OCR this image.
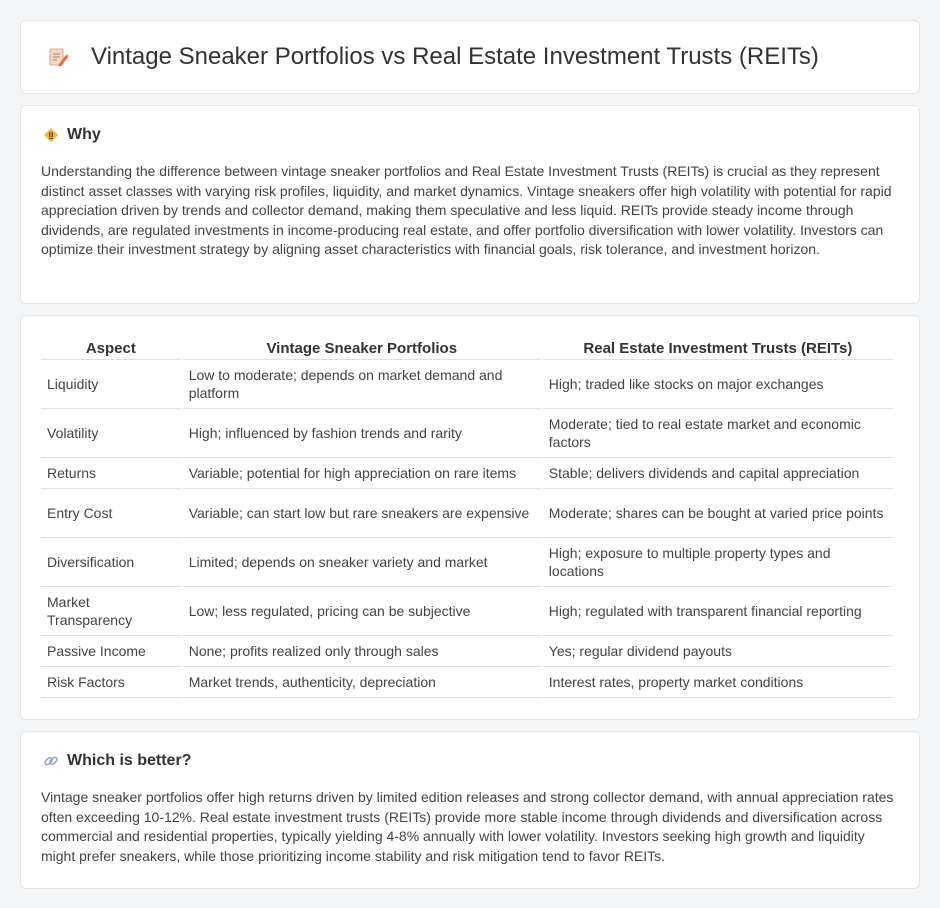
Vintage Sneaker Portfolios vs Real Estate Investment Trusts (REITs)
Why

Understanding the difference between vintage sneaker portfolios and Real Estate Investment Trusts (REITs) is crucial as they represent distinct asset classes with varying risk profiles, liquidity, and market dynamics. Vintage sneakers offer high volatility with potential for rapid appreciation driven by trends and collector demand, making them speculative and less liquid. REITs provide steady income through dividends, are regulated investments in income-producing real estate, and offer portfolio diversification with lower volatility. Investors can optimize their investment strategy by aligning asset characteristics with financial goals, risk tolerance, and investment horizon.

Aspect	Vintage Sneaker Portfolios	Real Estate Investment Trusts (REITs)
Liquidity	Low to moderate; depends on market demand and platform	High; traded like stocks on major exchanges
Volatility	High; influenced by fashion trends and rarity	Moderate; tied to real estate market and economic factors
Returns	Variable; potential for high appreciation on rare items	Stable; delivers dividends and capital appreciation
Entry Cost	Variable; can start low but rare sneakers are expensive	Moderate; shares can be bought at varied price points
Diversification	Limited; depends on sneaker variety and market	High; exposure to multiple property types and locations
Market Transparency	Low; less regulated, pricing can be subjective	High; regulated with transparent financial reporting
Passive Income	None; profits realized only through sales	Yes; regular dividend payouts
Risk Factors	Market trends, authenticity, depreciation	Interest rates, property market conditions
Which is better?

Vintage sneaker portfolios offer high returns driven by limited edition releases and strong collector demand, with annual appreciation rates often exceeding 10-12%. Real estate investment trusts (REITs) provide more stable income through dividends and diversification across commercial and residential properties, typically yielding 4-8% annually with lower volatility. Investors seeking high growth and liquidity might prefer sneakers, while those prioritizing income stability and risk mitigation tend to favor REITs.
